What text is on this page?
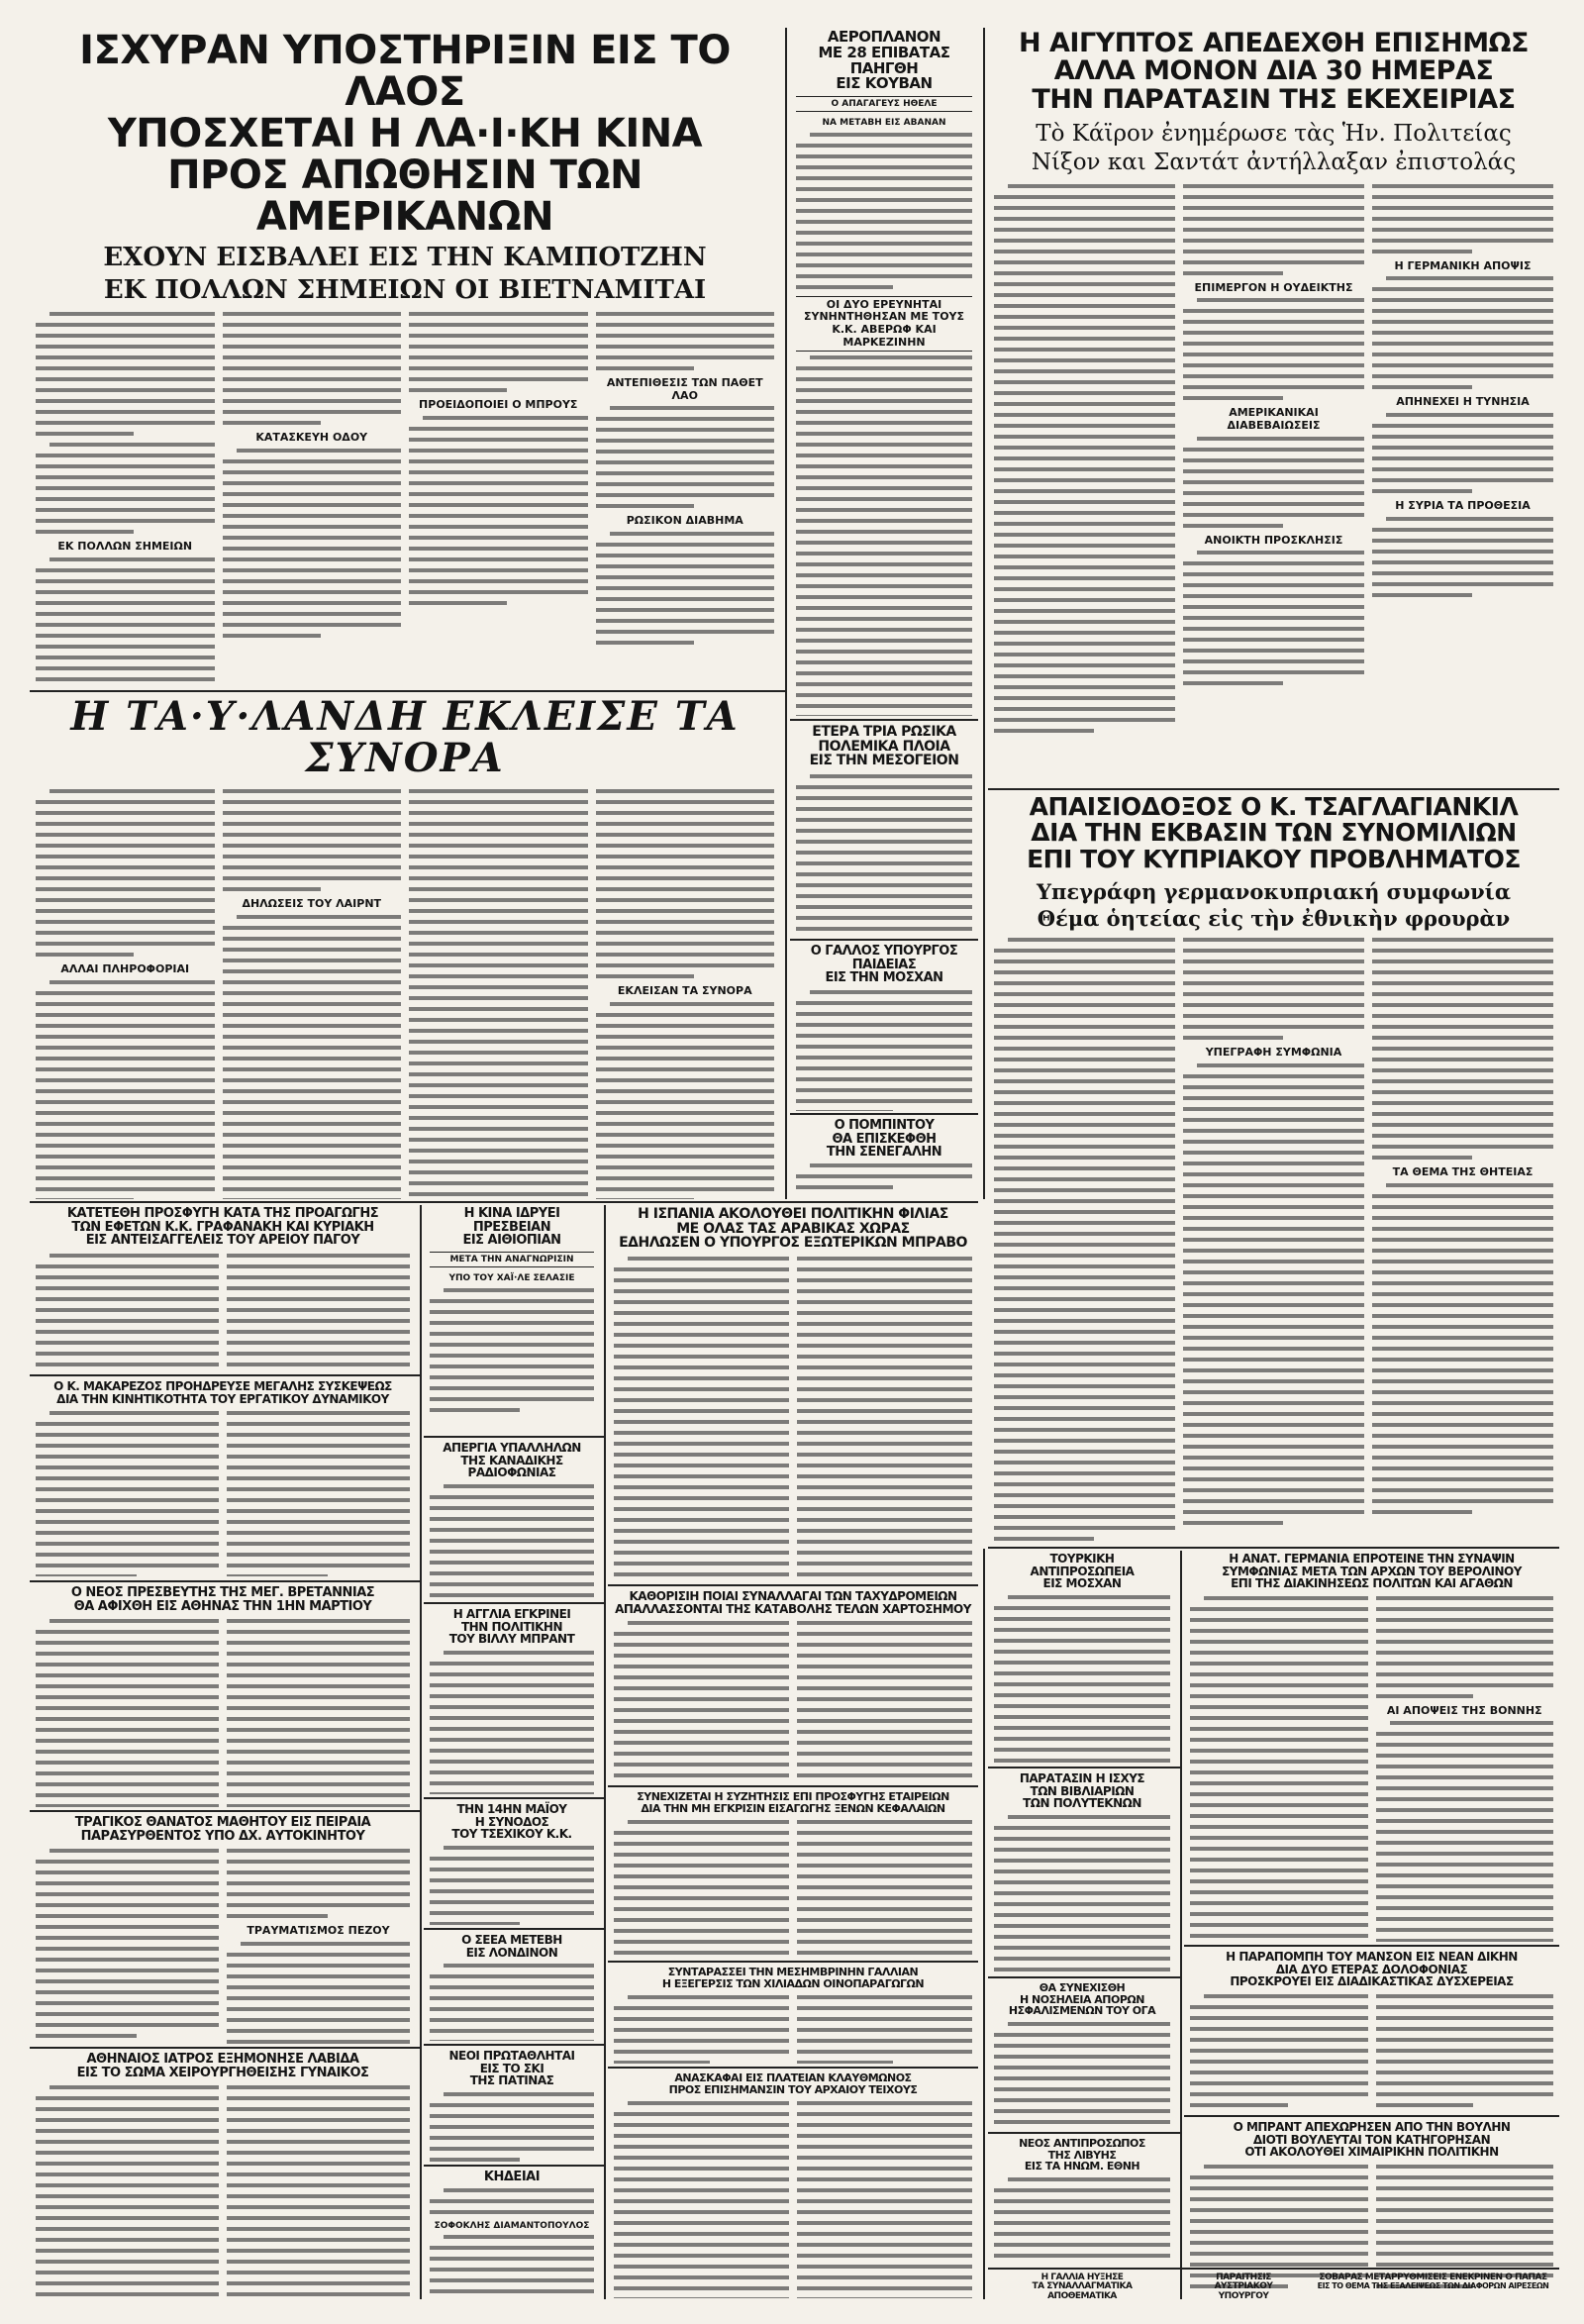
ΙΣΧΥΡΑΝ ΥΠΟΣΤΗΡΙΞΙΝ ΕΙΣ ΤΟ ΛΑΟΣ
ΥΠΟΣΧΕΤΑΙ Η ΛΑ·Ι·ΚΗ ΚΙΝΑ
ΠΡΟΣ ΑΠΩΘΗΣΙΝ ΤΩΝ ΑΜΕΡΙΚΑΝΩΝ
ΕΧΟΥΝ ΕΙΣΒΑΛΕΙ ΕΙΣ ΤΗΝ ΚΑΜΠΟΤΖΗΝ
ΕΚ ΠΟΛΛΩΝ ΣΗΜΕΙΩΝ ΟΙ ΒΙΕΤΝΑΜΙΤΑΙ
ΕΚ ΠΟΛΛΩΝ ΣΗΜΕΙΩΝ
ΚΑΤΑΣΚΕΥΗ ΟΔΟΥ
ΠΡΟΕΙΔΟΠΟΙΕΙ Ο ΜΠΡΟΥΣ
ΑΝΤΕΠΙΘΕΣΙΣ ΤΩΝ ΠΑΘΕΤ ΛΑΟ
ΡΩΣΙΚΟΝ ΔΙΑΒΗΜΑ
ΑΕΡΟΠΛΑΝΟΝ
ΜΕ 28 ΕΠΙΒΑΤΑΣ
ΠΑΗΓΘΗ
ΕΙΣ ΚΟΥΒΑΝ
Ο ΑΠΑΓΑΓΕΥΣ ΗΘΕΛΕ
ΝΑ ΜΕΤΑΒΗ ΕΙΣ ΑΒΑΝΑΝ
ΟΙ ΔΥΟ ΕΡΕΥΝΗΤΑΙ ΣΥΝΗΝΤΗΘΗΣΑΝ ΜΕ ΤΟΥΣ Κ.Κ. ΑΒΕΡΩΦ ΚΑΙ ΜΑΡΚΕΖΙΝΗΝ
ΕΤΕΡΑ ΤΡΙΑ ΡΩΣΙΚΑ
ΠΟΛΕΜΙΚΑ ΠΛΟΙΑ
ΕΙΣ ΤΗΝ ΜΕΣΟΓΕΙΟΝ
Ο ΓΑΛΛΟΣ ΥΠΟΥΡΓΟΣ
ΠΑΙΔΕΙΑΣ
ΕΙΣ ΤΗΝ ΜΟΣΧΑΝ
Ο ΠΟΜΠΙΝΤΟΥ
ΘΑ ΕΠΙΣΚΕΦΘΗ
ΤΗΝ ΣΕΝΕΓΑΛΗΝ
Η ΑΙΓΥΠΤΟΣ ΑΠΕΔΕΧΘΗ ΕΠΙΣΗΜΩΣ
ΑΛΛΑ ΜΟΝΟΝ ΔΙΑ 30 ΗΜΕΡΑΣ
ΤΗΝ ΠΑΡΑΤΑΣΙΝ ΤΗΣ ΕΚΕΧΕΙΡΙΑΣ
Τὸ Κάϊρον ἐνημέρωσε τὰς Ἡν. Πολιτείας
Νίξον και Σαντάτ ἀντήλλαξαν ἐπιστολάς
ΕΠΙΜΕΡΓΟΝ Η ΟΥΔΕΙΚΤΗΣ
ΑΜΕΡΙΚΑΝΙΚΑΙ ΔΙΑΒΕΒΑΙΩΣΕΙΣ
ΑΝΟΙΚΤΗ ΠΡΟΣΚΛΗΣΙΣ
Η ΓΕΡΜΑΝΙΚΗ ΑΠΟΨΙΣ
ΑΠΗΝΕΧΕΙ Η ΤΥΝΗΣΙΑ
Η ΣΥΡΙΑ ΤΑ ΠΡΟΘΕΣΙΑ
ΑΠΑΙΣΙΟΔΟΞΟΣ Ο Κ. ΤΣΑΓΛΑΓΙΑΝΚΙΛ
ΔΙΑ ΤΗΝ ΕΚΒΑΣΙΝ ΤΩΝ ΣΥΝΟΜΙΛΙΩΝ
ΕΠΙ ΤΟΥ ΚΥΠΡΙΑΚΟΥ ΠΡΟΒΛΗΜΑΤΟΣ
Υπεγράφη γερμανοκυπριακή συμφωνία
Θέμα ὁητείας εἰς τὴν ἐθνικὴν φρουρὰν
ΥΠΕΓΡΑΦΗ ΣΥΜΦΩΝΙΑ
ΤΑ ΘΕΜΑ ΤΗΣ ΘΗΤΕΙΑΣ
Η ΤΑ·Υ·ΛΑΝΔΗ ΕΚΛΕΙΣΕ ΤΑ ΣΥΝΟΡΑ
ΑΛΛΑΙ ΠΛΗΡΟΦΟΡΙΑΙ
ΔΗΛΩΣΕΙΣ ΤΟΥ ΛΑΙΡΝΤ
ΕΚΛΕΙΣΑΝ ΤΑ ΣΥΝΟΡΑ
ΚΑΤΕΤΕΘΗ ΠΡΟΣΦΥΓΗ ΚΑΤΑ ΤΗΣ ΠΡΟΑΓΩΓΗΣ
ΤΩΝ ΕΦΕΤΩΝ Κ.Κ. ΓΡΑΦΑΝΑΚΗ ΚΑΙ ΚΥΡΙΑΚΗ
ΕΙΣ ΑΝΤΕΙΣΑΓΓΕΛΕΙΣ ΤΟΥ ΑΡΕΙΟΥ ΠΑΓΟΥ
Η ΚΙΝΑ ΙΔΡΥΕΙ
ΠΡΕΣΒΕΙΑΝ
ΕΙΣ ΑΙΘΙΟΠΙΑΝ
ΜΕΤΑ ΤΗΝ ΑΝΑΓΝΩΡΙΣΙΝ
ΥΠΟ ΤΟΥ ΧΑΪ·ΛΕ ΣΕΛΑΣΙΕ
Η ΙΣΠΑΝΙΑ ΑΚΟΛΟΥΘΕΙ ΠΟΛΙΤΙΚΗΝ ΦΙΛΙΑΣ
ΜΕ ΟΛΑΣ ΤΑΣ ΑΡΑΒΙΚΑΣ ΧΩΡΑΣ
ΕΔΗΛΩΣΕΝ Ο ΥΠΟΥΡΓΟΣ ΕΞΩΤΕΡΙΚΩΝ ΜΠΡΑΒΟ
Ο Κ. ΜΑΚΑΡΕΖΟΣ ΠΡΟΗΔΡΕΥΣΕ ΜΕΓΑΛΗΣ ΣΥΣΚΕΨΕΩΣ
ΔΙΑ ΤΗΝ ΚΙΝΗΤΙΚΟΤΗΤΑ ΤΟΥ ΕΡΓΑΤΙΚΟΥ ΔΥΝΑΜΙΚΟΥ
ΑΠΕΡΓΙΑ ΥΠΑΛΛΗΛΩΝ
ΤΗΣ ΚΑΝΑΔΙΚΗΣ
ΡΑΔΙΟΦΩΝΙΑΣ
ΚΑΘΟΡΙΣΙΗ ΠΟΙΑΙ ΣΥΝΑΛΛΑΓΑΙ ΤΩΝ ΤΑΧΥΔΡΟΜΕΙΩΝ
ΑΠΑΛΛΑΣΣΟΝΤΑΙ ΤΗΣ ΚΑΤΑΒΟΛΗΣ ΤΕΛΩΝ ΧΑΡΤΟΣΗΜΟΥ
Ο ΝΕΟΣ ΠΡΕΣΒΕΥΤΗΣ ΤΗΣ ΜΕΓ. ΒΡΕΤΑΝΝΙΑΣ
ΘΑ ΑΦΙΧΘΗ ΕΙΣ ΑΘΗΝΑΣ ΤΗΝ 1ΗΝ ΜΑΡΤΙΟΥ
Η ΑΓΓΛΙΑ ΕΓΚΡΙΝΕΙ
ΤΗΝ ΠΟΛΙΤΙΚΗΝ
ΤΟΥ ΒΙΛΛΥ ΜΠΡΑΝΤ
ΣΥΝΕΧΙΖΕΤΑΙ Η ΣΥΖΗΤΗΣΙΣ ΕΠΙ ΠΡΟΣΦΥΓΗΣ ΕΤΑΙΡΕΙΩΝ
ΔΙΑ ΤΗΝ ΜΗ ΕΓΚΡΙΣΙΝ ΕΙΣΑΓΩΓΗΣ ΞΕΝΩΝ ΚΕΦΑΛΑΙΩΝ
ΤΡΑΓΙΚΟΣ ΘΑΝΑΤΟΣ ΜΑΘΗΤΟΥ ΕΙΣ ΠΕΙΡΑΙΑ
ΠΑΡΑΣΥΡΘΕΝΤΟΣ ΥΠΟ ΔΧ. ΑΥΤΟΚΙΝΗΤΟΥ
ΤΡΑΥΜΑΤΙΣΜΟΣ ΠΕΖΟΥ
ΤΗΝ 14ΗΝ ΜΑΪΟΥ
Η ΣΥΝΟΔΟΣ
ΤΟΥ ΤΣΕΧΙΚΟΥ Κ.Κ.
Ο ΣΕΕΑ ΜΕΤΕΒΗ
ΕΙΣ ΛΟΝΔΙΝΟΝ
ΣΥΝΤΑΡΑΣΣΕΙ ΤΗΝ ΜΕΣΗΜΒΡΙΝΗΝ ΓΑΛΛΙΑΝ
Η ΕΞΕΓΕΡΣΙΣ ΤΩΝ ΧΙΛΙΑΔΩΝ ΟΙΝΟΠΑΡΑΓΩΓΩΝ
ΝΕΟΙ ΠΡΩΤΑΘΛΗΤΑΙ
ΕΙΣ ΤΟ ΣΚΙ
ΤΗΣ ΠΑΤΙΝΑΣ
ΑΘΗΝΑΙΟΣ ΙΑΤΡΟΣ ΕΞΗΜΟΝΗΣΕ ΛΑΒΙΔΑ
ΕΙΣ ΤΟ ΣΩΜΑ ΧΕΙΡΟΥΡΓΗΘΕΙΣΗΣ ΓΥΝΑΙΚΟΣ	ΑΝΑΣΚΑΦΑΙ ΕΙΣ ΠΛΑΤΕΙΑΝ ΚΛΑΥΘΜΩΝΟΣ
ΠΡΟΣ ΕΠΙΣΗΜΑΝΣΙΝ ΤΟΥ ΑΡΧΑΙΟΥ ΤΕΙΧΟΥΣ
ΚΗΔΕΙΑΙ
ΣΟΦΟΚΛΗΣ ΔΙΑΜΑΝΤΟΠΟΥΛΟΣ
ΤΟΥΡΚΙΚΗ
ΑΝΤΙΠΡΟΣΩΠΕΙΑ
ΕΙΣ ΜΟΣΧΑΝ
Η ΑΝΑΤ. ΓΕΡΜΑΝΙΑ ΕΠΡΟΤΕΙΝΕ ΤΗΝ ΣΥΝΑΨΙΝ
ΣΥΜΦΩΝΙΑΣ ΜΕΤΑ ΤΩΝ ΑΡΧΩΝ ΤΟΥ ΒΕΡΟΛΙΝΟΥ
ΕΠΙ ΤΗΣ ΔΙΑΚΙΝΗΣΕΩΣ ΠΟΛΙΤΩΝ ΚΑΙ ΑΓΑΘΩΝ
ΑΙ ΑΠΟΨΕΙΣ ΤΗΣ ΒΟΝΝΗΣ
ΠΑΡΑΤΑΣΙΝ Η ΙΣΧΥΣ
ΤΩΝ ΒΙΒΛΙΑΡΙΩΝ
ΤΩΝ ΠΟΛΥΤΕΚΝΩΝ
Η ΠΑΡΑΠΟΜΠΗ ΤΟΥ ΜΑΝΣΟΝ ΕΙΣ ΝΕΑΝ ΔΙΚΗΝ
ΔΙΑ ΔΥΟ ΕΤΕΡΑΣ ΔΟΛΟΦΟΝΙΑΣ
ΠΡΟΣΚΡΟΥΕΙ ΕΙΣ ΔΙΑΔΙΚΑΣΤΙΚΑΣ ΔΥΣΧΕΡΕΙΑΣ
ΘΑ ΣΥΝΕΧΙΣΘΗ
Η ΝΟΣΗΛΕΙΑ ΑΠΟΡΩΝ
ΗΣΦΑΛΙΣΜΕΝΩΝ ΤΟΥ ΟΓΑ
Ο ΜΠΡΑΝΤ ΑΠΕΧΩΡΗΣΕΝ ΑΠΟ ΤΗΝ ΒΟΥΛΗΝ
ΔΙΟΤΙ ΒΟΥΛΕΥΤΑΙ ΤΟΝ ΚΑΤΗΓΟΡΗΣΑΝ
ΟΤΙ ΑΚΟΛΟΥΘΕΙ ΧΙΜΑΙΡΙΚΗΝ ΠΟΛΙΤΙΚΗΝ
ΝΕΟΣ ΑΝΤΙΠΡΟΣΩΠΟΣ
ΤΗΣ ΛΙΒΥΗΣ
ΕΙΣ ΤΑ ΗΝΩΜ. ΕΘΝΗ
Η ΓΑΛΛΙΑ ΗΥΞΗΣΕ
ΤΑ ΣΥΝΑΛΛΑΓΜΑΤΙΚΑ
ΑΠΟΘΕΜΑΤΙΚΑ
ΠΑΡΑΙΤΗΣΙΣ
ΑΥΣΤΡΙΑΚΟΥ ΥΠΟΥΡΓΟΥ
ΣΟΒΑΡΑΣ ΜΕΤΑΡΡΥΘΜΙΣΕΙΣ ΕΝΕΚΡΙΝΕΝ Ο ΠΑΠΑΣ
ΕΙΣ ΤΟ ΘΕΜΑ ΤΗΣ ΕΞΑΛΕΙΨΕΩΣ ΤΩΝ ΔΙΑΦΟΡΩΝ ΑΙΡΕΣΕΩΝ
